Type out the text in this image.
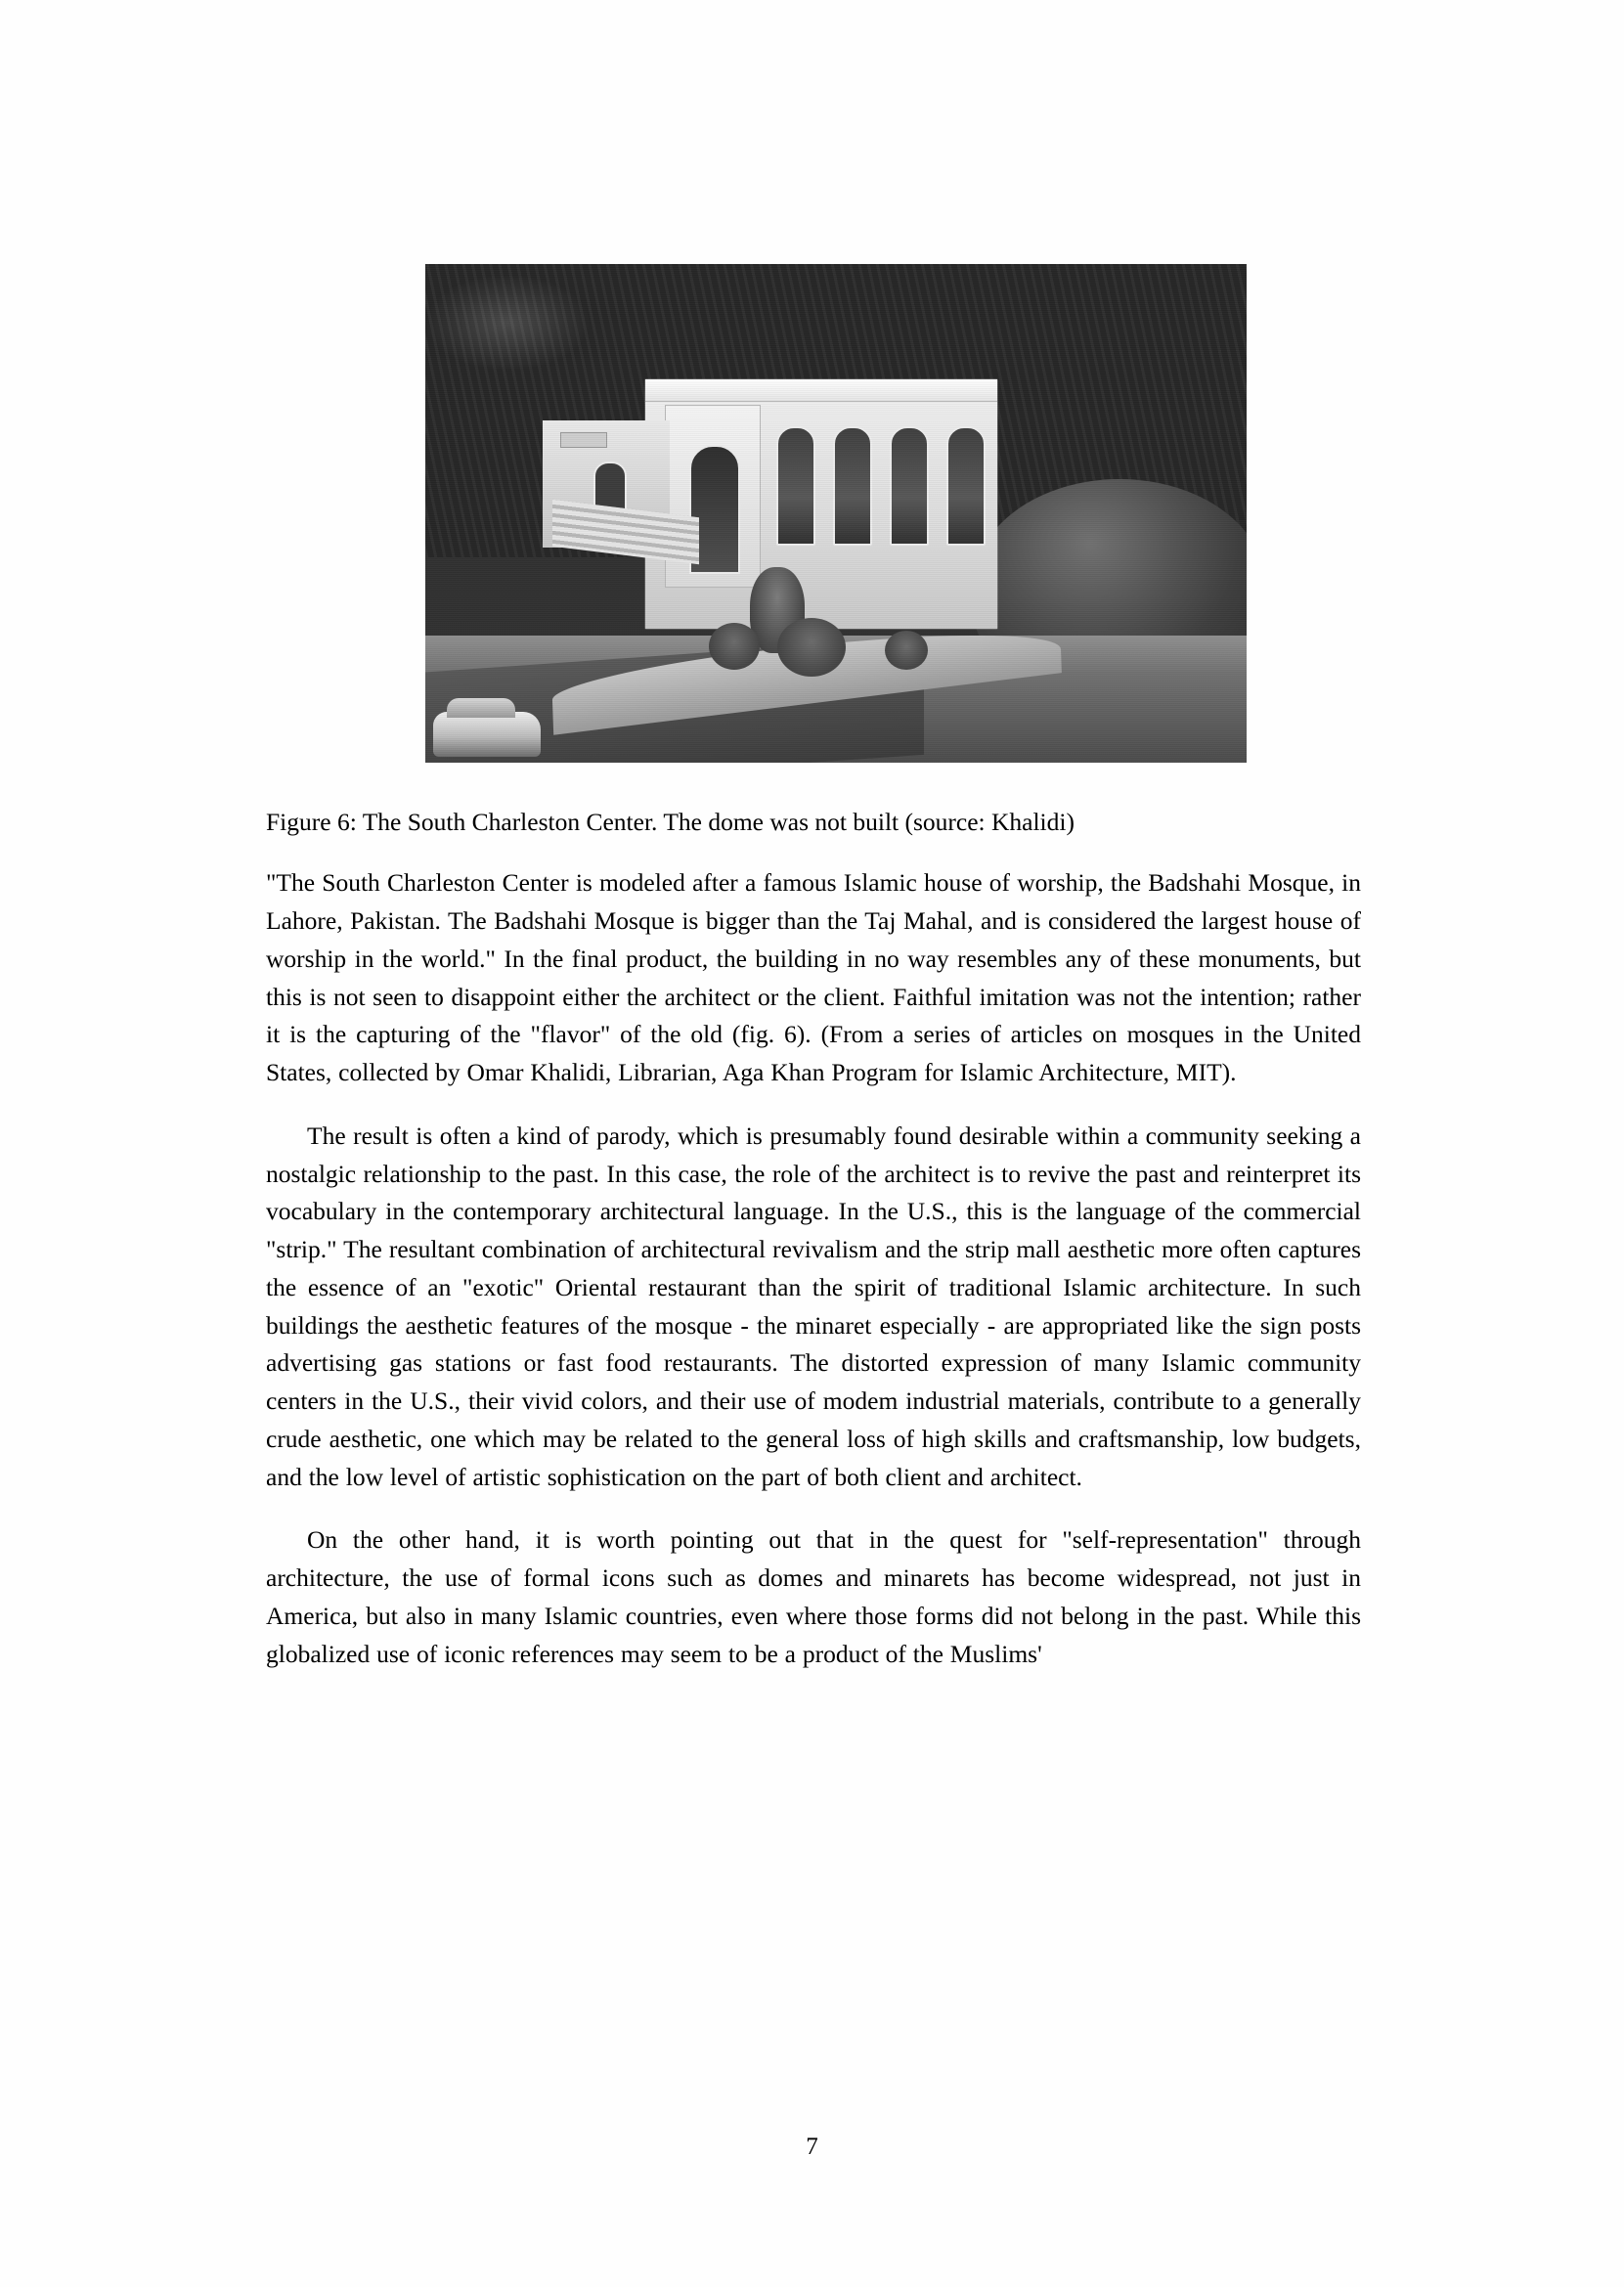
Figure 6: The South Charleston Center. The dome was not built (source: Khalidi)

"The South Charleston Center is modeled after a famous Islamic house of worship, the Badshahi Mosque, in Lahore, Pakistan. The Badshahi Mosque is bigger than the Taj Mahal, and is considered the largest house of worship in the world." In the final product, the building in no way resembles any of these monuments, but this is not seen to disappoint either the architect or the client. Faithful imitation was not the intention; rather it is the capturing of the "flavor" of the old (fig. 6). (From a series of articles on mosques in the United States, collected by Omar Khalidi, Librarian, Aga Khan Program for Islamic Architecture, MIT).

The result is often a kind of parody, which is presumably found desirable within a community seeking a nostalgic relationship to the past. In this case, the role of the architect is to revive the past and reinterpret its vocabulary in the contemporary architectural language. In the U.S., this is the language of the commercial "strip." The resultant combination of architectural revivalism and the strip mall aesthetic more often captures the essence of an "exotic" Oriental restaurant than the spirit of traditional Islamic architecture. In such buildings the aesthetic features of the mosque - the minaret especially - are appropriated like the sign posts advertising gas stations or fast food restaurants. The distorted expression of many Islamic community centers in the U.S., their vivid colors, and their use of modem industrial materials, contribute to a generally crude aesthetic, one which may be related to the general loss of high skills and craftsmanship, low budgets, and the low level of artistic sophistication on the part of both client and architect.

On the other hand, it is worth pointing out that in the quest for "self-representation" through architecture, the use of formal icons such as domes and minarets has become widespread, not just in America, but also in many Islamic countries, even where those forms did not belong in the past. While this globalized use of iconic references may seem to be a product of the Muslims'

7
